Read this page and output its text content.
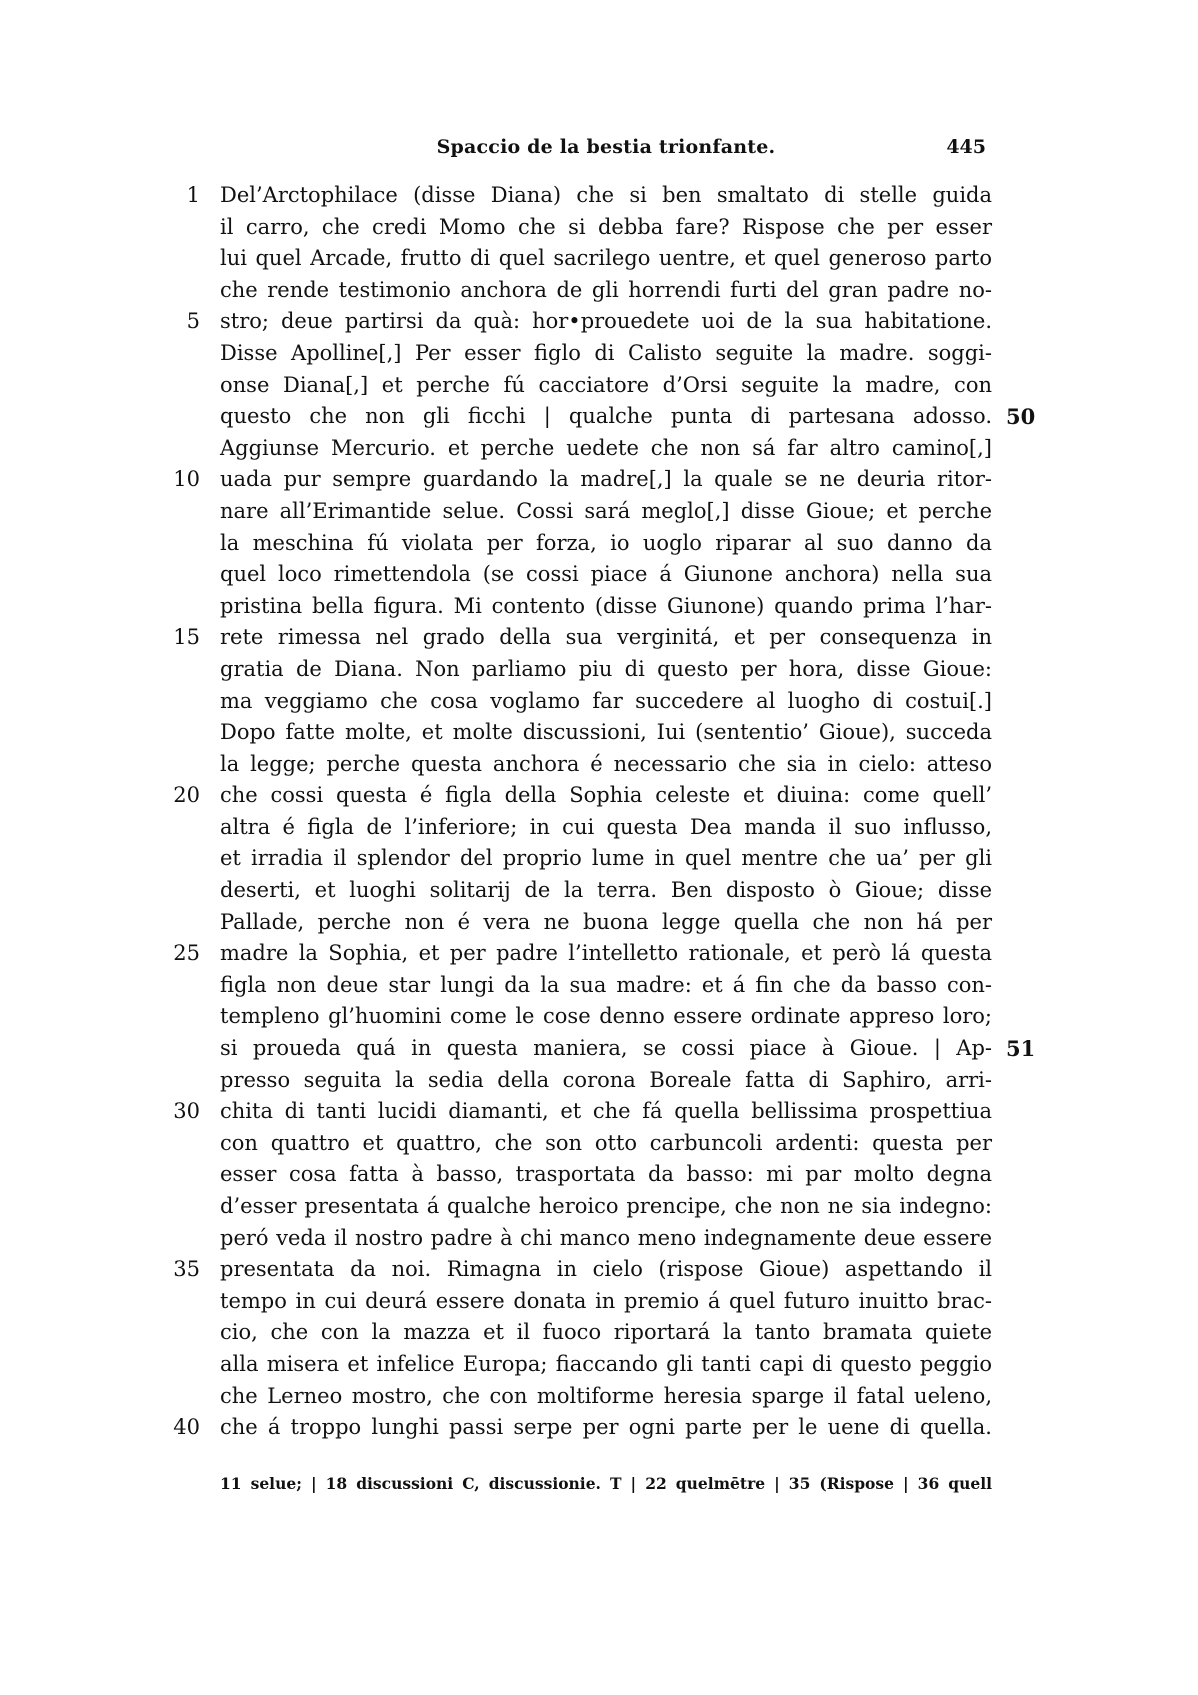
Spaccio de la bestia trionfante.	445
1 Del’Arctophilace (disse Diana) che si ben smaltato di stelle guida
il carro, che credi Momo che si debba fare? Rispose che per esser
lui quel Arcade, frutto di quel sacrilego uentre, et quel generoso parto
che rende testimonio anchora de gli horrendi furti del gran padre no-
5 stro; deue partirsi da quà: hor•prouedete uoi de la sua habitatione.
Disse Apolline[,] Per esser figlo di Calisto seguite la madre. soggi-
onse Diana[,] et perche fú cacciatore d’Orsi seguite la madre, con
questo che non gli ficchi | qualche punta di partesana adosso. 50
Aggiunse Mercurio. et perche uedete che non sá far altro camino[,]
10 uada pur sempre guardando la madre[,] la quale se ne deuria ritor-
nare all’Erimantide selue. Cossi sará meglo[,] disse Gioue; et perche
la meschina fú violata per forza, io uoglo riparar al suo danno da
quel loco rimettendola (se cossi piace á Giunone anchora) nella sua
pristina bella figura. Mi contento (disse Giunone) quando prima l’har-
15 rete rimessa nel grado della sua verginitá, et per consequenza in
gratia de Diana. Non parliamo piu di questo per hora, disse Gioue:
ma veggiamo che cosa voglamo far succedere al luogho di costui[.]
Dopo fatte molte, et molte discussioni, Iui (sententio’ Gioue), succeda
la legge; perche questa anchora é necessario che sia in cielo: atteso
20 che cossi questa é figla della Sophia celeste et diuina: come quell’
altra é figla de l’inferiore; in cui questa Dea manda il suo influsso,
et irradia il splendor del proprio lume in quel mentre che ua’ per gli
deserti, et luoghi solitarij de la terra. Ben disposto ò Gioue; disse
Pallade, perche non é vera ne buona legge quella che non há per
25 madre la Sophia, et per padre l’intelletto rationale, et però lá questa
figla non deue star lungi da la sua madre: et á fin che da basso con-
templeno gl’huomini come le cose denno essere ordinate appreso loro;
si proueda quá in questa maniera, se cossi piace à Gioue. | Ap- 51
presso seguita la sedia della corona Boreale fatta di Saphiro, arri-
30 chita di tanti lucidi diamanti, et che fá quella bellissima prospettiua
con quattro et quattro, che son otto carbuncoli ardenti: questa per
esser cosa fatta à basso, trasportata da basso: mi par molto degna
d’esser presentata á qualche heroico prencipe, che non ne sia indegno:
peró veda il nostro padre à chi manco meno indegnamente deue essere
35 presentata da noi. Rimagna in cielo (rispose Gioue) aspettando il
tempo in cui deurá essere donata in premio á quel futuro inuitto brac-
cio, che con la mazza et il fuoco riportará la tanto bramata quiete
alla misera et infelice Europa; fiaccando gli tanti capi di questo peggio
che Lerneo mostro, che con moltiforme heresia sparge il fatal ueleno,
40 che á troppo lunghi passi serpe per ogni parte per le uene di quella.
11 selue; | 18 discussioni C, discussionie. T | 22 quelmētre | 35 (Rispose | 36 quell
